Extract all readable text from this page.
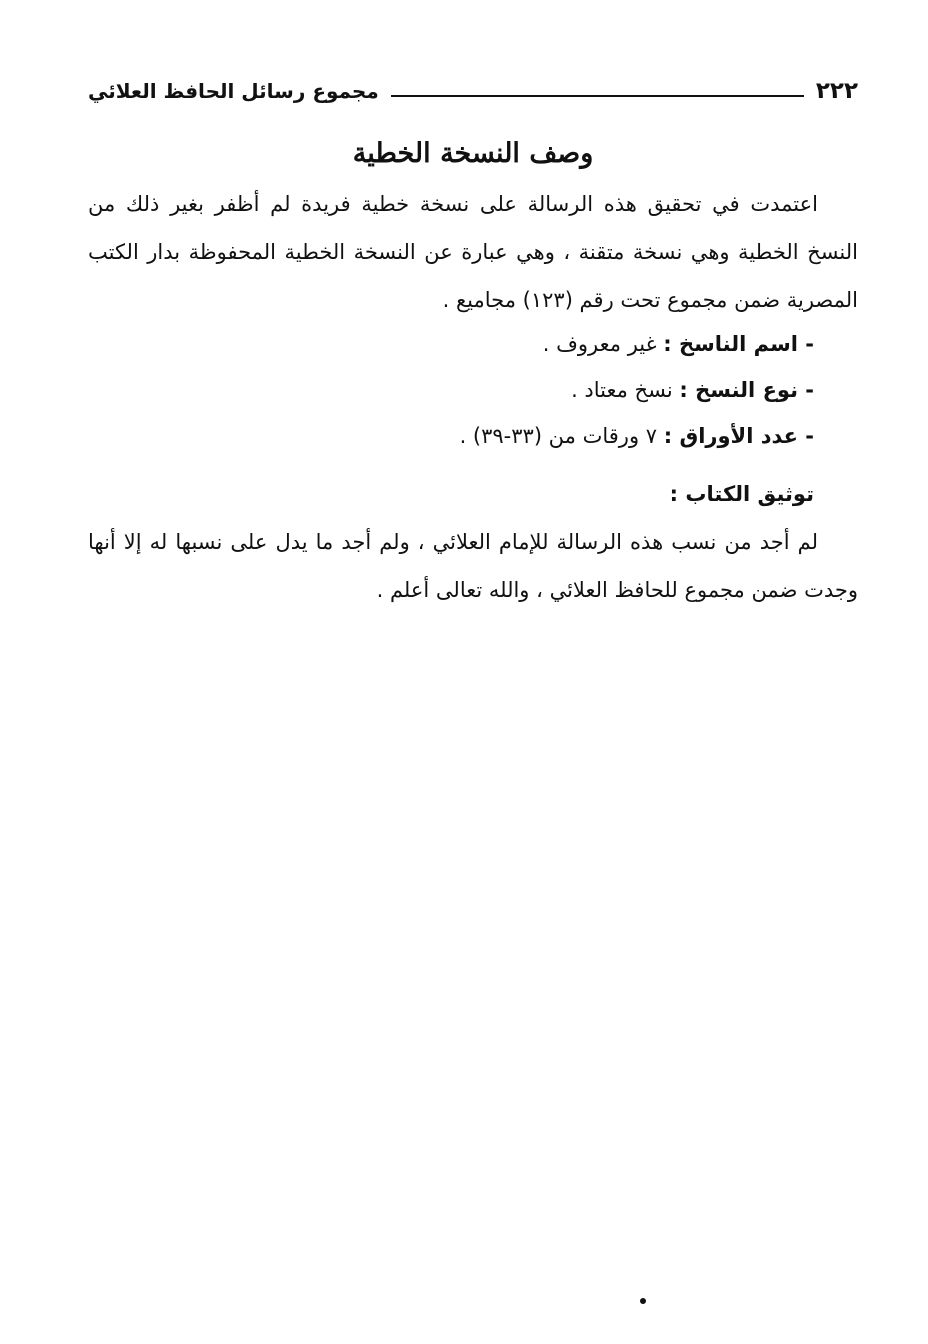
٢٢٢
مجموع رسائل الحافظ العلائي
وصف النسخة الخطية

اعتمدت في تحقيق هذه الرسالة على نسخة خطية فريدة لم أظفر بغير ذلك من النسخ الخطية وهي نسخة متقنة ، وهي عبارة عن النسخة الخطية المحفوظة بدار الكتب المصرية ضمن مجموع تحت رقم (١٢٣) مجاميع .

- اسم الناسخ : غير معروف .
- نوع النسخ : نسخ معتاد .
- عدد الأوراق : ٧ ورقات من (٣٣-٣٩) .
توثيق الكتاب :

لم أجد من نسب هذه الرسالة للإمام العلائي ، ولم أجد ما يدل على نسبها له إلا أنها وجدت ضمن مجموع للحافظ العلائي ، والله تعالى أعلم .
